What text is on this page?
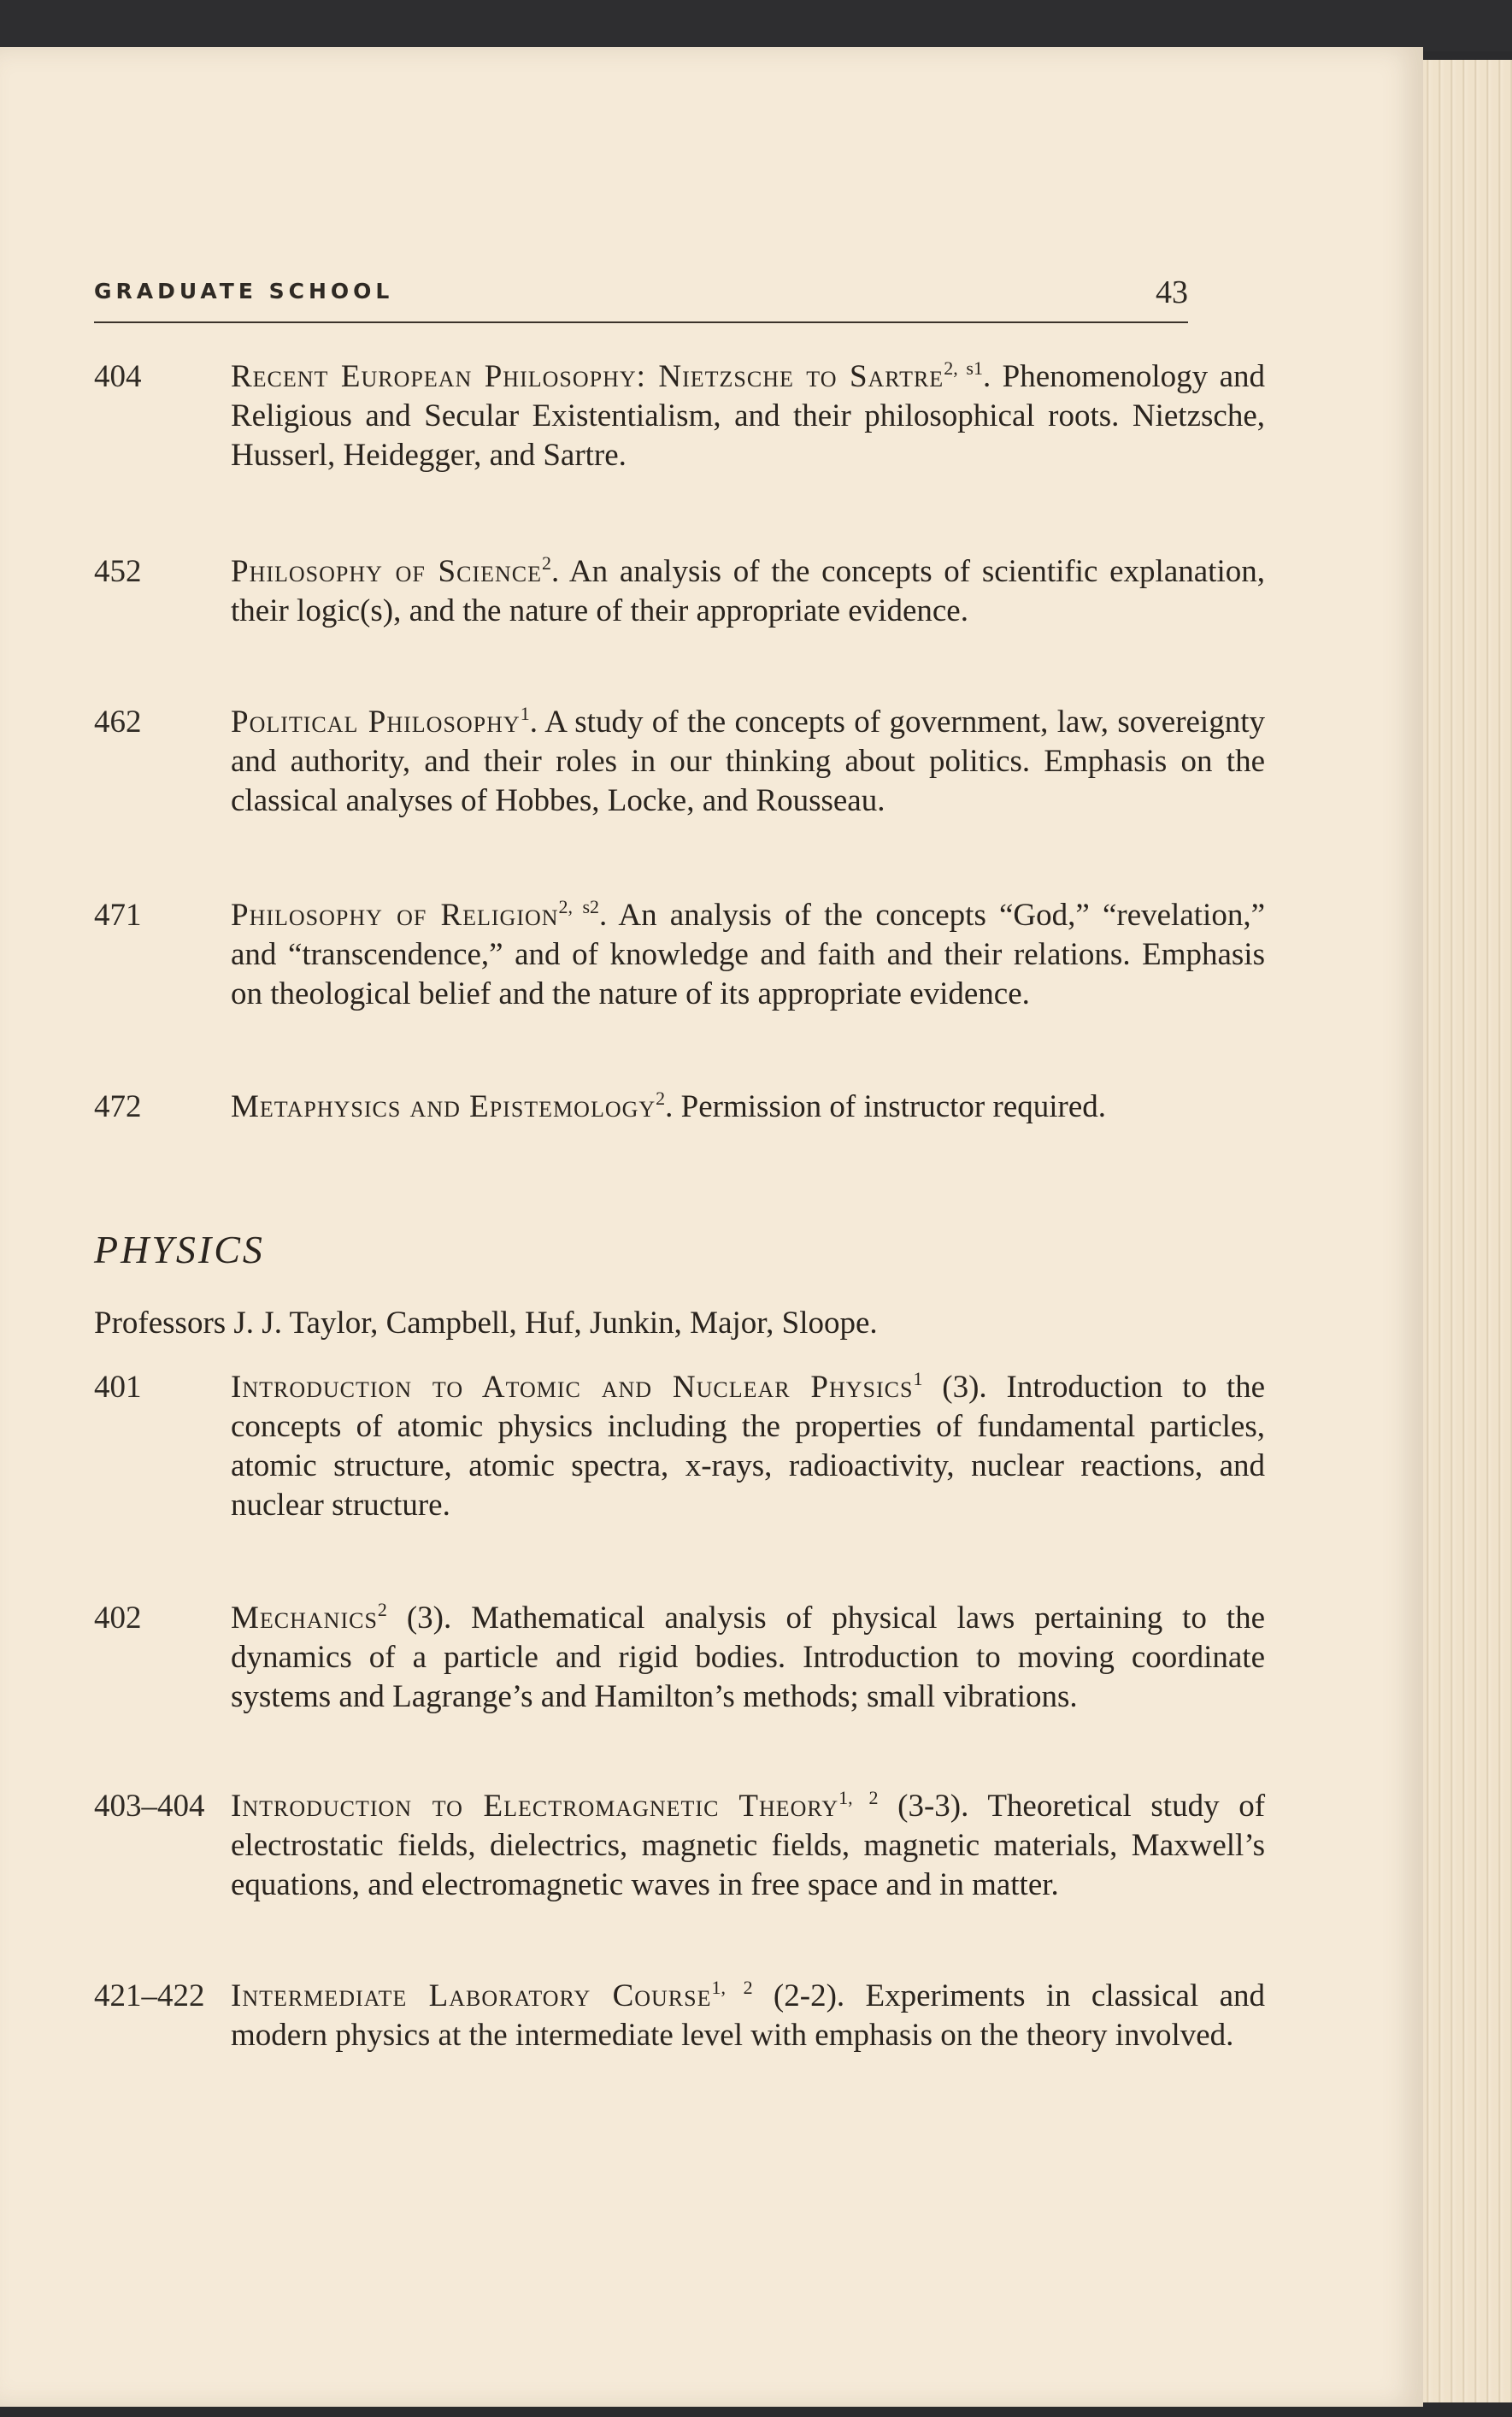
GRADUATE SCHOOL	43
404	Recent European Philosophy: Nietzsche to Sartre$^{2, s1}$. Phenomenology and Religious and Secular Existentialism, and their philosophical roots. Nietzsche, Husserl, Heidegger, and Sartre.
452	Philosophy of Science$^2$. An analysis of the concepts of scientific explanation, their logic(s), and the nature of their appropriate evidence.
462	Political Philosophy$^1$. A study of the concepts of government, law, sovereignty and authority, and their roles in our thinking about politics. Emphasis on the classical analyses of Hobbes, Locke, and Rousseau.
471	Philosophy of Religion$^{2, s2}$. An analysis of the concepts “God,” “revelation,” and “transcendence,” and of knowledge and faith and their relations. Emphasis on theological belief and the nature of its appropriate evidence.
472	Metaphysics and Epistemology$^2$. Permission of instructor required.
PHYSICS
Professors J. J. Taylor, Campbell, Huf, Junkin, Major, Sloope.
401	Introduction to Atomic and Nuclear Physics$^1$ (3). Introduction to the concepts of atomic physics including the properties of fundamental particles, atomic structure, atomic spectra, x-rays, radioactivity, nuclear reactions, and nuclear structure.
402	Mechanics$^2$ (3). Mathematical analysis of physical laws pertaining to the dynamics of a particle and rigid bodies. Introduction to moving coordinate systems and Lagrange’s and Hamilton’s methods; small vibrations.
403–404 Introduction to Electromagnetic Theory$^{1, 2}$ (3-3). Theoretical study of electrostatic fields, dielectrics, magnetic fields, magnetic materials, Maxwell’s equations, and electromagnetic waves in free space and in matter.
421–422 Intermediate Laboratory Course$^{1, 2}$ (2-2). Experiments in classical and modern physics at the intermediate level with emphasis on the theory involved.
